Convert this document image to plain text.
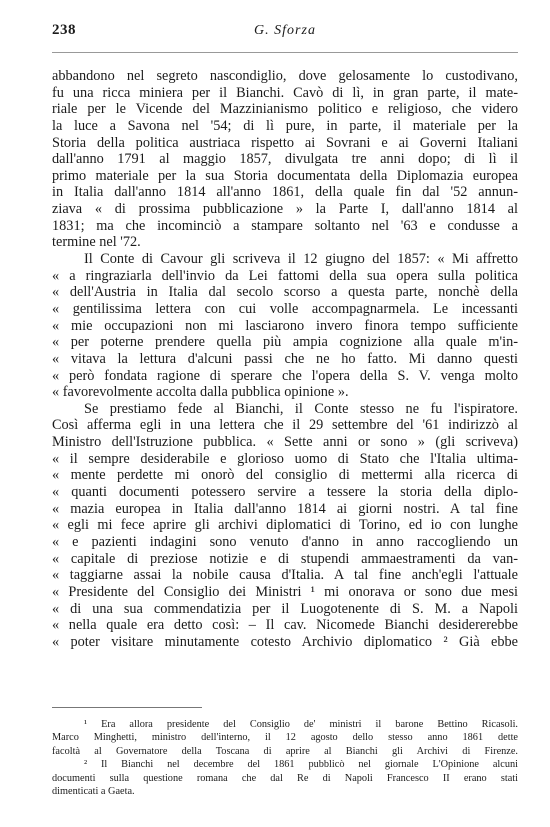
238	G. Sforza
abbandono nel segreto nascondiglio, dove gelosamente lo custodivano,
fu una ricca miniera per il Bianchi. Cavò di lì, in gran parte, il mate-
riale per le Vicende del Mazzinianismo politico e religioso, che videro
la luce a Savona nel '54; di lì pure, in parte, il materiale per la
Storia della politica austriaca rispetto ai Sovrani e ai Governi Italiani
dall'anno 1791 al maggio 1857, divulgata tre anni dopo; di lì il
primo materiale per la sua Storia documentata della Diplomazia europea
in Italia dall'anno 1814 all'anno 1861, della quale fin dal '52 annun-
ziava « di prossima pubblicazione » la Parte I, dall'anno 1814 al
1831; ma che incominciò a stampare soltanto nel '63 e condusse a
termine nel '72.
Il Conte di Cavour gli scriveva il 12 giugno del 1857: « Mi affretto
« a ringraziarla dell'invio da Lei fattomi della sua opera sulla politica
« dell'Austria in Italia dal secolo scorso a questa parte, nonchè della
« gentilissima lettera con cui volle accompagnarmela. Le incessanti
« mie occupazioni non mi lasciarono invero finora tempo sufficiente
« per poterne prendere quella più ampia cognizione alla quale m'in-
« vitava la lettura d'alcuni passi che ne ho fatto. Mi danno questi
« però fondata ragione di sperare che l'opera della S. V. venga molto
« favorevolmente accolta dalla pubblica opinione ».
Se prestiamo fede al Bianchi, il Conte stesso ne fu l'ispiratore.
Così afferma egli in una lettera che il 29 settembre del '61 indirizzò al
Ministro dell'Istruzione pubblica. « Sette anni or sono » (gli scriveva)
« il sempre desiderabile e glorioso uomo di Stato che l'Italia ultima-
« mente perdette mi onorò del consiglio di mettermi alla ricerca di
« quanti documenti potessero servire a tessere la storia della diplo-
« mazia europea in Italia dall'anno 1814 ai giorni nostri. A tal fine
« egli mi fece aprire gli archivi diplomatici di Torino, ed io con lunghe
« e pazienti indagini sono venuto d'anno in anno raccogliendo un
« capitale di preziose notizie e di stupendi ammaestramenti da van-
« taggiarne assai la nobile causa d'Italia. A tal fine anch'egli l'attuale
« Presidente del Consiglio dei Ministri ¹ mi onorava or sono due mesi
« di una sua commendatizia per il Luogotenente di S. M. a Napoli
« nella quale era detto così: – Il cav. Nicomede Bianchi desidererebbe
« poter visitare minutamente cotesto Archivio diplomatico ² Già ebbe
¹ Era allora presidente del Consiglio de' ministri il barone Bettino Ricasoli.
Marco Minghetti, ministro dell'interno, il 12 agosto dello stesso anno 1861 dette
facoltà al Governatore della Toscana di aprire al Bianchi gli Archivi di Firenze.
² Il Bianchi nel decembre del 1861 pubblicò nel giornale L'Opinione alcuni
documenti sulla questione romana che dal Re di Napoli Francesco II erano stati
dimenticati a Gaeta.
